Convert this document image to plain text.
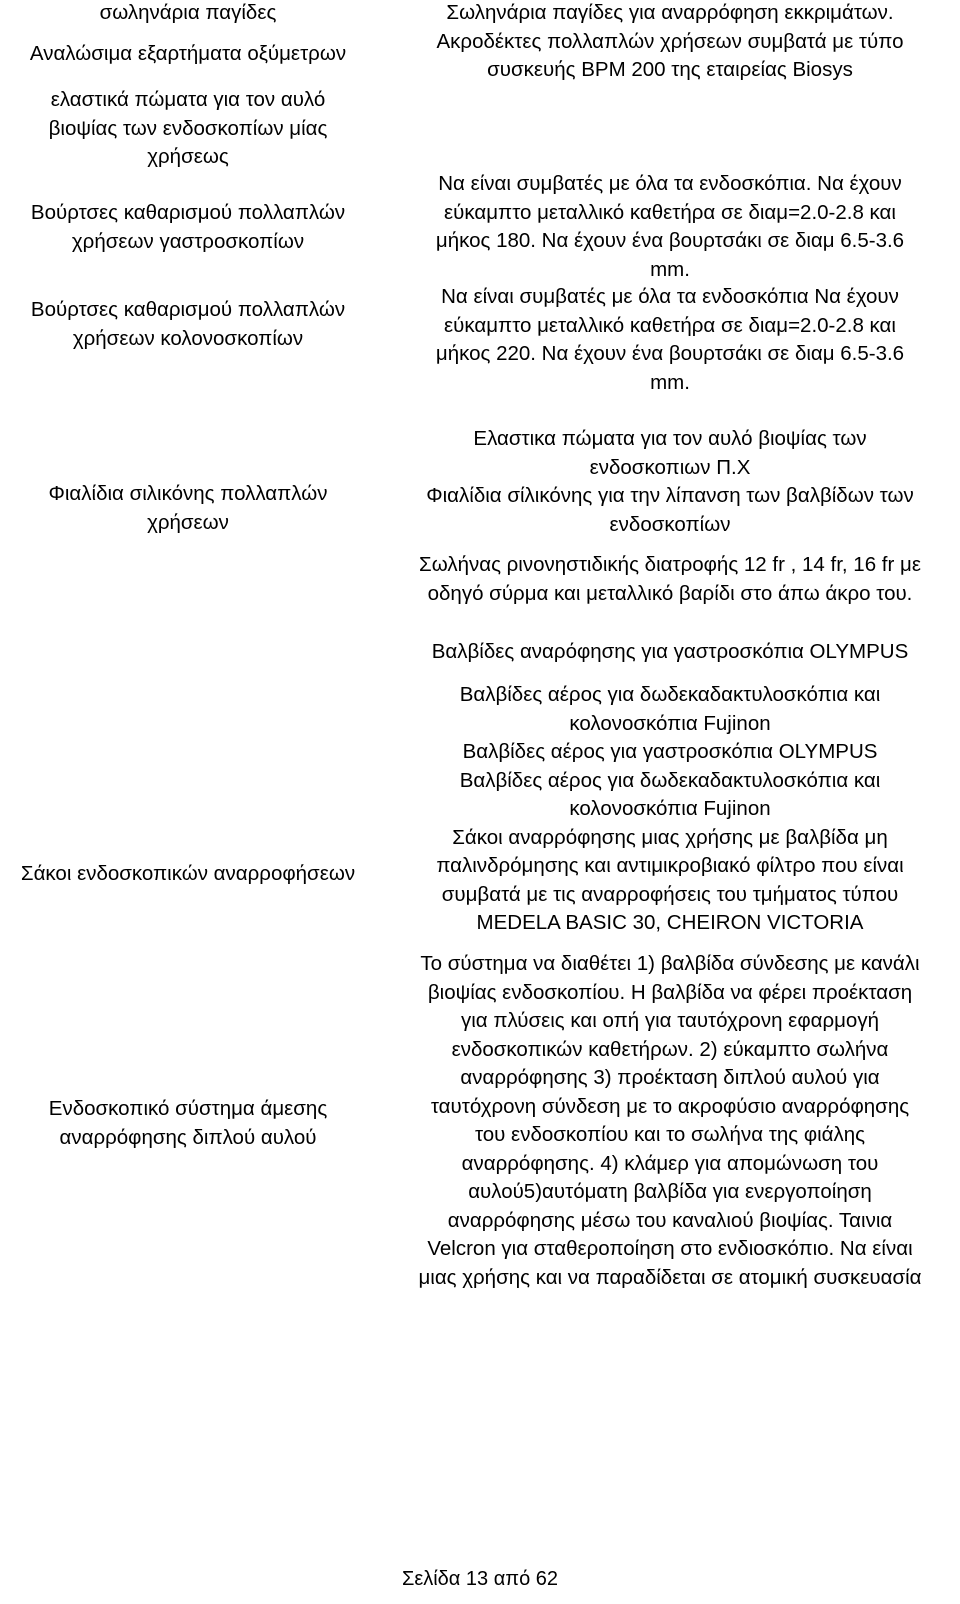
σωληνάρια παγίδες
Αναλώσιμα εξαρτήματα οξύμετρων
ελαστικά πώματα για τον αυλό
βιοψίας των ενδοσκοπίων μίας
χρήσεως
Βούρτσες καθαρισμού πολλαπλών
χρήσεων γαστροσκοπίων
Βούρτσες καθαρισμού πολλαπλών
χρήσεων κολονοσκοπίων
Φιαλίδια σιλικόνης πολλαπλών
χρήσεων
Σάκοι ενδοσκοπικών αναρροφήσεων
Ενδοσκοπικό σύστημα άμεσης
αναρρόφησης διπλού αυλού
Σωληνάρια παγίδες για αναρρόφηση εκκριμάτων.
Ακροδέκτες πολλαπλών χρήσεων συμβατά με τύπο
συσκευής BPM 200 της εταιρείας Biosys
Να είναι συμβατές με όλα τα ενδοσκόπια. Να έχουν
εύκαμπτο μεταλλικό καθετήρα σε διαμ=2.0-2.8 και
μήκος 180. Να έχουν ένα βουρτσάκι σε διαμ 6.5-3.6
mm.
Να είναι συμβατές με όλα τα ενδοσκόπια Να έχουν
εύκαμπτο μεταλλικό καθετήρα σε διαμ=2.0-2.8 και
μήκος 220. Να έχουν ένα βουρτσάκι σε διαμ 6.5-3.6
mm.
Ελαστικα πώματα για τον αυλό βιοψίας των
ενδοσκοπιων Π.Χ
Φιαλίδια σίλικόνης για την λίπανση των βαλβίδων των
ενδοσκοπίων
Σωλήνας ρινονηστιδικής διατροφής 12 fr , 14 fr, 16 fr με
οδηγό σύρμα και μεταλλικό βαρίδι στο άπω άκρο του.
Βαλβίδες αναρόφησης για γαστροσκόπια OLYMPUS
Βαλβίδες αέρος για δωδεκαδακτυλοσκόπια και
κολονοσκόπια Fujinon
Βαλβίδες αέρος για γαστροσκόπια OLYMPUS
Βαλβίδες αέρος για δωδεκαδακτυλοσκόπια και
κολονοσκόπια Fujinon
Σάκοι αναρρόφησης μιας χρήσης με βαλβίδα μη
παλινδρόμησης και αντιμικροβιακό φίλτρο που είναι
συμβατά με τις αναρροφήσεις του τμήματος τύπου
MEDELA BASIC 30, CHEIRON VICTORIA
Το σύστημα να διαθέτει 1) βαλβίδα σύνδεσης με κανάλι
βιοψίας ενδοσκοπίου. Η βαλβίδα να φέρει προέκταση
για πλύσεις και οπή για ταυτόχρονη εφαρμογή
ενδοσκοπικών καθετήρων. 2) εύκαμπτο σωλήνα
αναρρόφησης 3) προέκταση διπλού αυλού για
ταυτόχρονη σύνδεση με το ακροφύσιο αναρρόφησης
του ενδοσκοπίου και το σωλήνα της φιάλης
αναρρόφησης. 4) κλάμερ για απομώνωση του
αυλού5)αυτόματη βαλβίδα για ενεργοποίηση
αναρρόφησης μέσω του καναλιού βιοψίας. Ταινια
Velcron για σταθεροποίηση στο ενδιοσκόπιο. Να είναι
μιας χρήσης και να παραδίδεται σε ατομική συσκευασία
Σελίδα 13 από 62
